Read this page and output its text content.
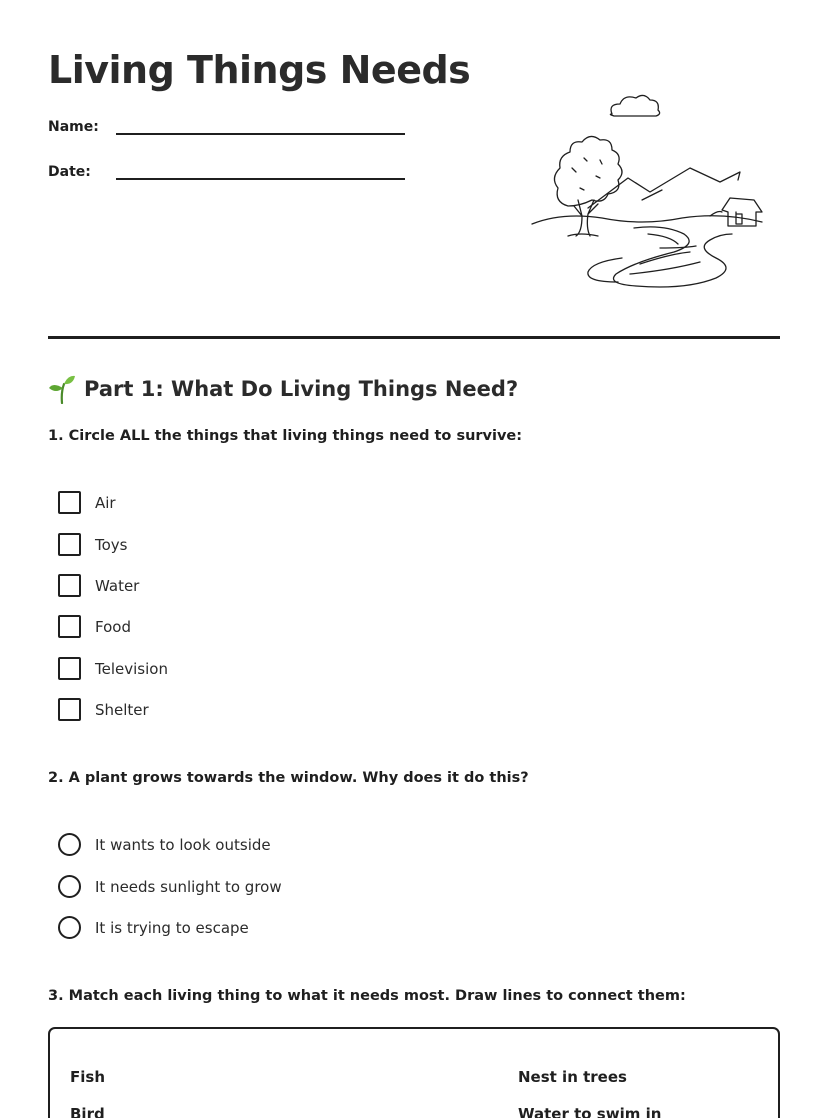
Living Things Needs
Name:
Date:
Part 1: What Do Living Things Need?
1. Circle ALL the things that living things need to survive:
Air
Toys
Water
Food
Television
Shelter
2. A plant grows towards the window. Why does it do this?
It wants to look outside
It needs sunlight to grow
It is trying to escape
3. Match each living thing to what it needs most. Draw lines to connect them:
Fish	Nest in trees
Bird	Water to swim in
